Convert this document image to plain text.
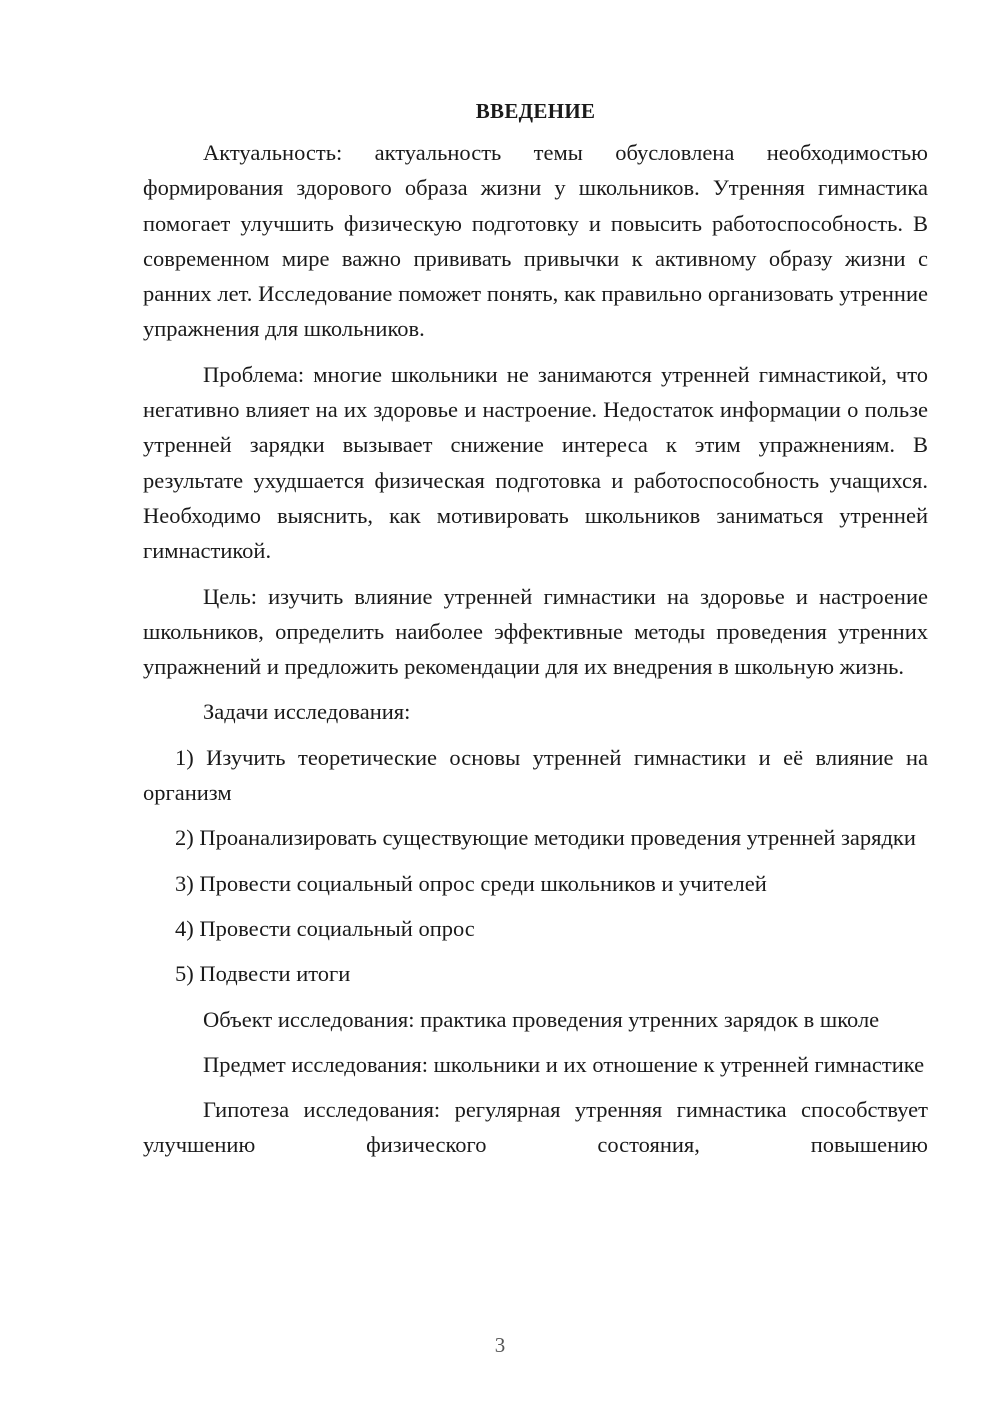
ВВЕДЕНИЕ

Актуальность: актуальность темы обусловлена необходимостью формирования здорового образа жизни у школьников. Утренняя гимнастика помогает улучшить физическую подготовку и повысить работоспособность. В современном мире важно прививать привычки к активному образу жизни с ранних лет. Исследование поможет понять, как правильно организовать утренние упражнения для школьников.

Проблема: многие школьники не занимаются утренней гимнастикой, что негативно влияет на их здоровье и настроение. Недостаток информации о пользе утренней зарядки вызывает снижение интереса к этим упражнениям. В результате ухудшается физическая подготовка и работоспособность учащихся. Необходимо выяснить, как мотивировать школьников заниматься утренней гимнастикой.

Цель: изучить влияние утренней гимнастики на здоровье и настроение школьников, определить наиболее эффективные методы проведения утренних упражнений и предложить рекомендации для их внедрения в школьную жизнь.

Задачи исследования:

1) Изучить теоретические основы утренней гимнастики и её влияние на организм

2) Проанализировать существующие методики проведения утренней зарядки

3) Провести социальный опрос среди школьников и учителей

4) Провести социальный опрос

5) Подвести итоги

Объект исследования: практика проведения утренних зарядок в школе

Предмет исследования: школьники и их отношение к утренней гимнастике

Гипотеза исследования: регулярная утренняя гимнастика способствует улучшению физического состояния, повышению

3
